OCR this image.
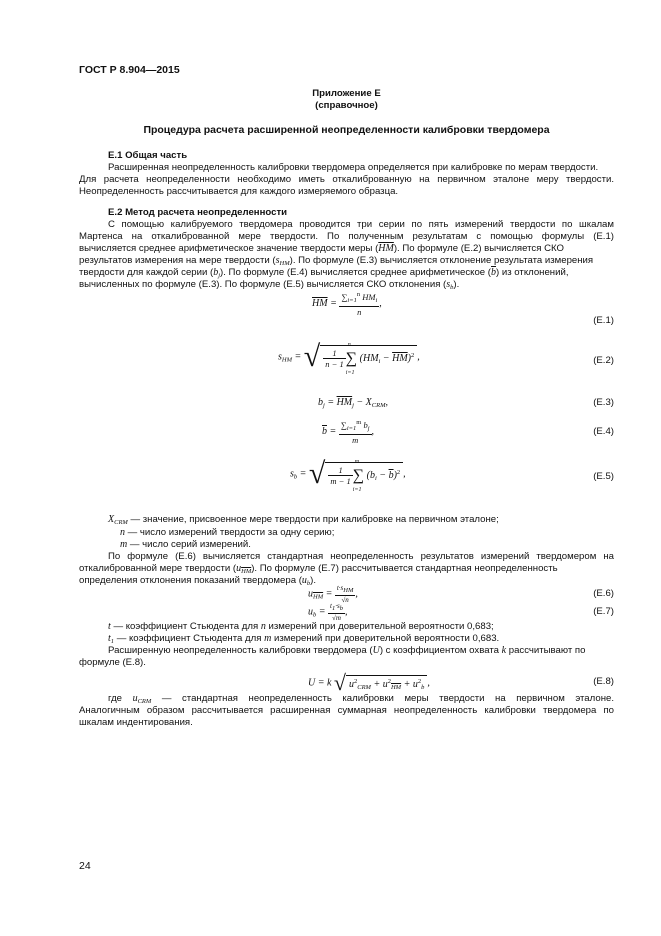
ГОСТ Р 8.904—2015
Приложение Е
(справочное)
Процедура расчета расширенной неопределенности калибровки твердомера
Е.1 Общая часть
Расширенная неопределенность калибровки твердомера определяется при калибровке по мерам твердости.
Для расчета неопределенности необходимо иметь откалиброванную на первичном эталоне меру твердости.
Неопределенность рассчитывается для каждого измеряемого образца.
Е.2 Метод расчета неопределенности
С помощью калибруемого твердомера проводится три серии по пять измерений твердости по шкалам
Мартенса на откалиброванной мере твердости. По полученным результатам с помощью формулы (Е.1)
вычисляется среднее арифметическое значение твердости меры $(\overline{HM})$. По формуле (Е.2) вычисляется СКО
результатов измерения на мере твердости $(s_{HM})$. По формуле (Е.3) вычисляется отклонение результата измерения
твердости для каждой серии $(b_j)$. По формуле (Е.4) вычисляется среднее арифметическое $(\overline{b})$ из отклонений,
вычисленных по формуле (Е.3). По формуле (Е.5) вычисляется СКО отклонения $(s_b)$.
$\overline{HM} = \frac{\sum_{i=1}^n HM_i}{n}$ ,
(Е.1)
$s_{HM}$ = √ $\frac{1}{n - 1}$ ∑
n
i=1
$(HM_i - \overline{HM})^2$ ,	(Е.2)
$b_j = \overline{HM}_j - X_{CRM}$,	(Е.3)
$\overline{b} = \frac{\sum_{i=1}^m b_j}{m}$ ,	(Е.4)
$s_b$ = √ $\frac{1}{m - 1}$ ∑
m
i=1
$(b_i - \overline{b})^2$ ,	(Е.5)
$X_{CRM}$ — значение, присвоенное мере твердости при калибровке на первичном эталоне;
n — число измерений твердости за одну серию;
m — число серий измерений.
По формуле (Е.6) вычисляется стандартная неопределенность результатов измерений твердомером на
откалиброванной мере твердости $(u_{\overline{HM}})$. По формуле (Е.7) рассчитывается стандартная неопределенность
определения отклонения показаний твердомера $(u_b)$.
$u_{\overline{HM}} = \frac{\text{t·sHM}}{√n}$ ,	(Е.6)
$u_b = \frac{t1\cdot sb}{√m}$ ,	(Е.7)
t — коэффициент Стьюдента для n измерений при доверительной вероятности 0,683;
$t_1$ — коэффициент Стьюдента для m измерений при доверительной вероятности 0,683.
Расширенную неопределенность калибровки твердомера (U) с коэффициентом охвата k рассчитывают по
формуле (Е.8).
U = k √ $u^2_{CRM} + u^2_{\overline{HM}} + u^2_b$ ,	(Е.8)
где $u_{CRM}$ — стандартная неопределенность калибровки меры твердости на первичном эталоне.
Аналогичным образом рассчитывается расширенная суммарная неопределенность калибровки твердомера по
шкалам индентирования.
24
